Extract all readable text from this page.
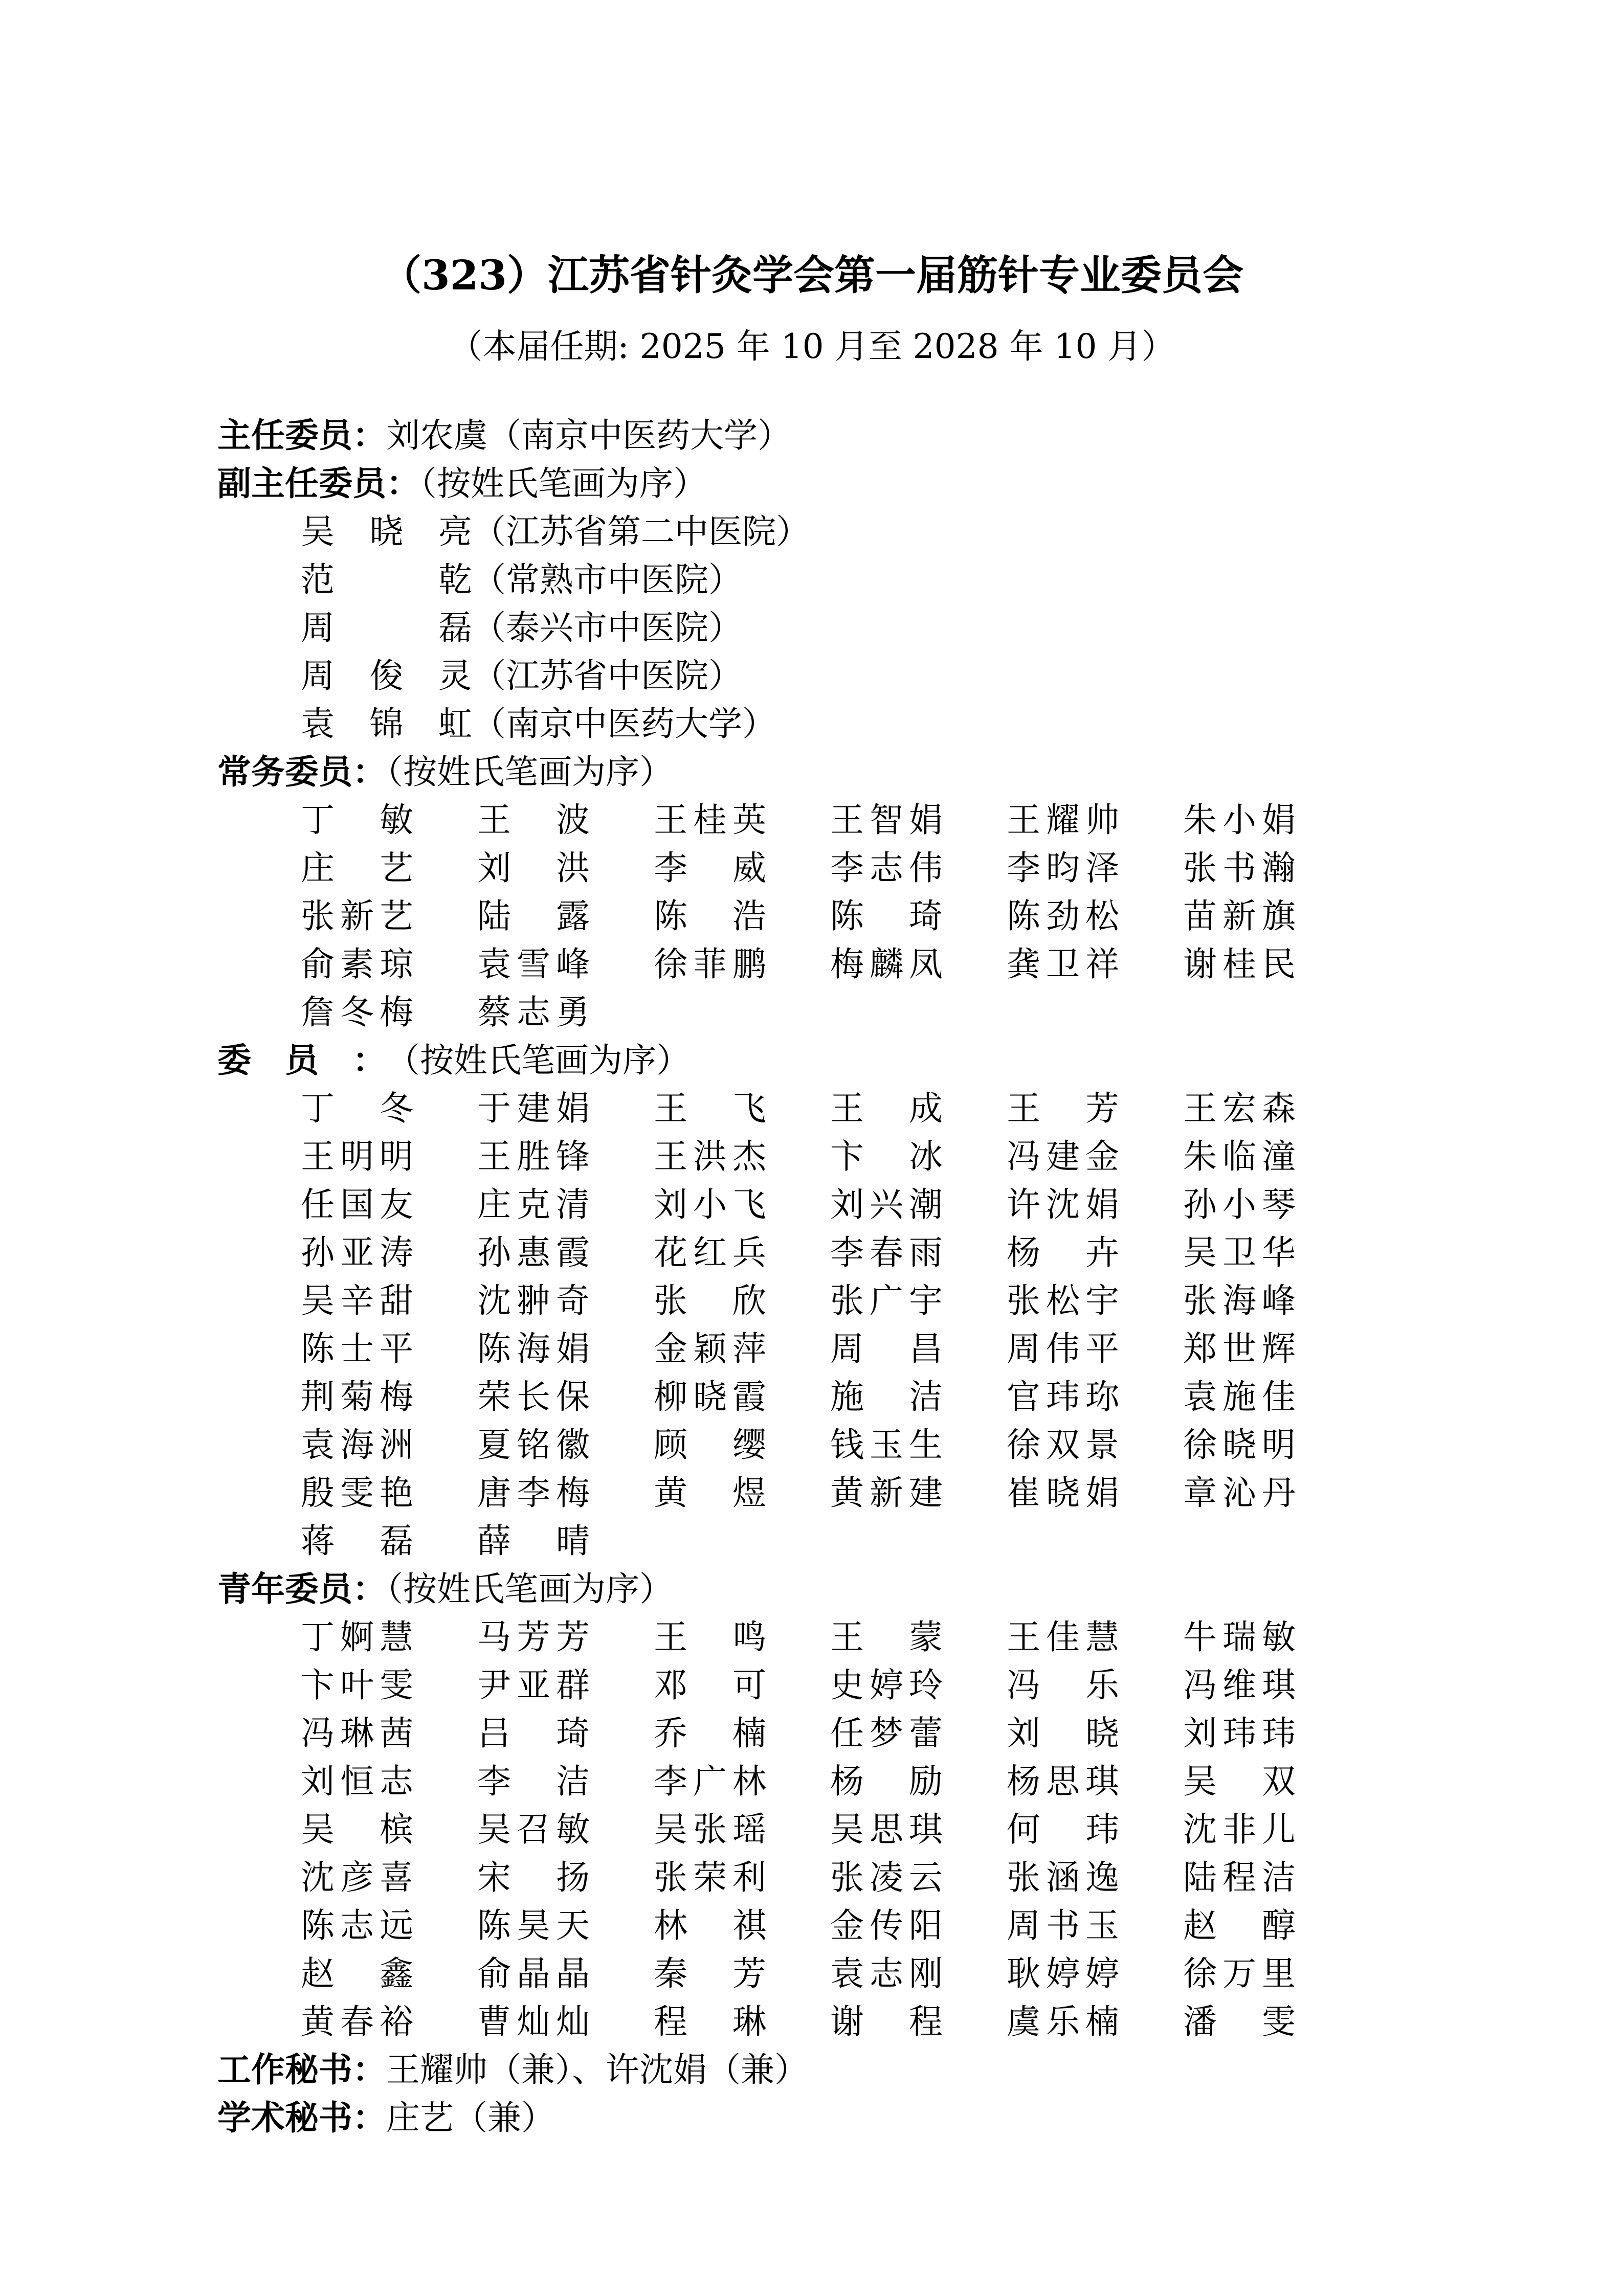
（323）江苏省针灸学会第一届筋针专业委员会
（本届任期: 2025 年 10 月至 2028 年 10 月）
主任委员：刘农虞（南京中医药大学）
副主任委员：（按姓氏笔画为序）
吴晓亮（江苏省第二中医院）
范　乾（常熟市中医院）
周　磊（泰兴市中医院）
周俊灵（江苏省中医院）
袁锦虹（南京中医药大学）
常务委员：（按姓氏笔画为序）
丁　敏	王　波	王桂英	王智娟	王耀帅	朱小娟
庄　艺	刘　洪	李　威	李志伟	李昀泽	张书瀚
张新艺	陆　露	陈　浩	陈　琦	陈劲松	苗新旗
俞素琼	袁雪峰	徐菲鹏	梅麟凤	龚卫祥	谢桂民
詹冬梅	蔡志勇
委员：（按姓氏笔画为序）
丁　冬	于建娟	王　飞	王　成	王　芳	王宏森
王明明	王胜锋	王洪杰	卞　冰	冯建金	朱临潼
任国友	庄克清	刘小飞	刘兴潮	许沈娟	孙小琴
孙亚涛	孙惠霞	花红兵	李春雨	杨　卉	吴卫华
吴辛甜	沈翀奇	张　欣	张广宇	张松宇	张海峰
陈士平	陈海娟	金颖萍	周　昌	周伟平	郑世辉
荆菊梅	荣长保	柳晓霞	施　洁	官玮珎	袁施佳
袁海洲	夏铭徽	顾　缨	钱玉生	徐双景	徐晓明
殷雯艳	唐李梅	黄　煜	黄新建	崔晓娟	章沁丹
蒋　磊	薛　晴
青年委员：（按姓氏笔画为序）
丁婀慧	马芳芳	王　鸣	王　蒙	王佳慧	牛瑞敏
卞叶雯	尹亚群	邓　可	史婷玲	冯　乐	冯维琪
冯琳茜	吕　琦	乔　楠	任梦蕾	刘　晓	刘玮玮
刘恒志	李　洁	李广林	杨　励	杨思琪	吴　双
吴　槟	吴召敏	吴张瑶	吴思琪	何　玮	沈非儿
沈彦喜	宋　扬	张荣利	张凌云	张涵逸	陆程洁
陈志远	陈昊天	林　祺	金传阳	周书玉	赵　醇
赵　鑫	俞晶晶	秦　芳	袁志刚	耿婷婷	徐万里
黄春裕	曹灿灿	程　琳	谢　程	虞乐楠	潘　雯
工作秘书：王耀帅（兼）、许沈娟（兼）
学术秘书：庄艺（兼）
